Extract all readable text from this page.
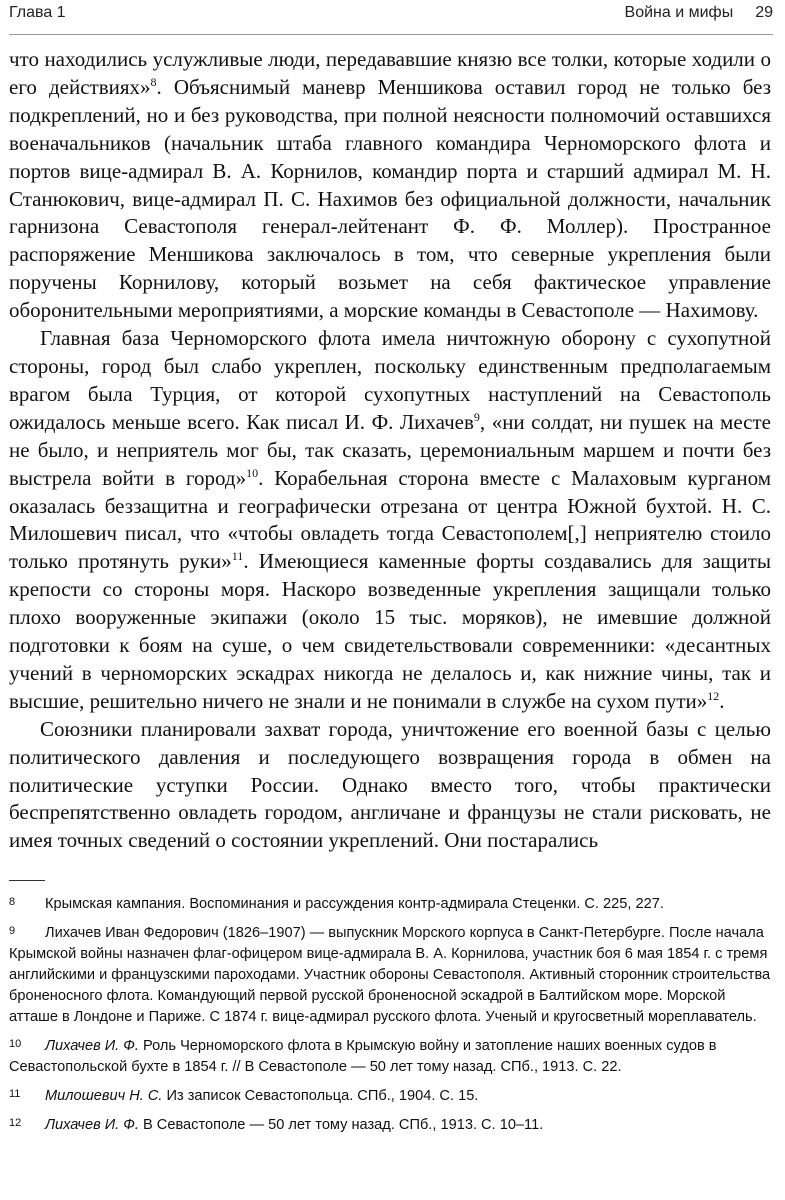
Глава 1	Война и мифы 29

что находились услужливые люди, передававшие князю все толки, которые ходили о его действиях»$^8$. Объяснимый маневр Меншикова оставил город не только без подкреплений, но и без руководства, при полной неясности полномочий оставшихся военачальников (начальник штаба главного командира Черноморского флота и портов вице-адмирал В. А. Корнилов, командир порта и старший адмирал М. Н. Станюкович, вице-адмирал П. С. Нахимов без официальной должности, начальник гарнизона Севастополя генерал-лейтенант Ф. Ф. Моллер). Пространное распоряжение Меншикова заключалось в том, что северные укрепления были поручены Корнилову, который возьмет на себя фактическое управление оборонительными мероприятиями, а морские команды в Севастополе — Нахимову.

Главная база Черноморского флота имела ничтожную оборону с сухопутной стороны, город был слабо укреплен, поскольку единственным предполагаемым врагом была Турция, от которой сухопутных наступлений на Севастополь ожидалось меньше всего. Как писал И. Ф. Лихачев$^9$, «ни солдат, ни пушек на месте не было, и неприятель мог бы, так сказать, церемониальным маршем и почти без выстрела войти в город»$^{10}$. Корабельная сторона вместе с Малаховым курганом оказалась беззащитна и географически отрезана от центра Южной бухтой. Н. С. Милошевич писал, что «чтобы овладеть тогда Севастополем[,] неприятелю стоило только протянуть руки»$^{11}$. Имеющиеся каменные форты создавались для защиты крепости со стороны моря. Наскоро возведенные укрепления защищали только плохо вооруженные экипажи (около 15 тыс. моряков), не имевшие должной подготовки к боям на суше, о чем свидетельствовали современники: «десантных учений в черноморских эскадрах никогда не делалось и, как нижние чины, так и высшие, решительно ничего не знали и не понимали в службе на сухом пути»$^{12}$.

Союзники планировали захват города, уничтожение его военной базы с целью политического давления и последующего возвращения города в обмен на политические уступки России. Однако вместо того, чтобы практически беспрепятственно овладеть городом, англичане и французы не стали рисковать, не имея точных сведений о состоянии укреплений. Они постарались

8 Крымская кампания. Воспоминания и рассуждения контр-адмирала Стеценки. С. 225, 227.

9 Лихачев Иван Федорович (1826–1907) — выпускник Морского корпуса в Санкт-Петербурге. После начала Крымской войны назначен флаг-офицером вице-адмирала В. А. Корнилова, участник боя 6 мая 1854 г. с тремя английскими и французскими пароходами. Участник обороны Севастополя. Активный сторонник строительства броненосного флота. Командующий первой русской броненосной эскадрой в Балтийском море. Морской атташе в Лондоне и Париже. С 1874 г. вице-адмирал русского флота. Ученый и кругосветный мореплаватель.

10 Лихачев И. Ф. Роль Черноморского флота в Крымскую войну и затопление наших военных судов в Севастопольской бухте в 1854 г. // В Севастополе — 50 лет тому назад. СПб., 1913. С. 22.

11 Милошевич Н. С. Из записок Севастопольца. СПб., 1904. С. 15.

12 Лихачев И. Ф. В Севастополе — 50 лет тому назад. СПб., 1913. С. 10–11.
